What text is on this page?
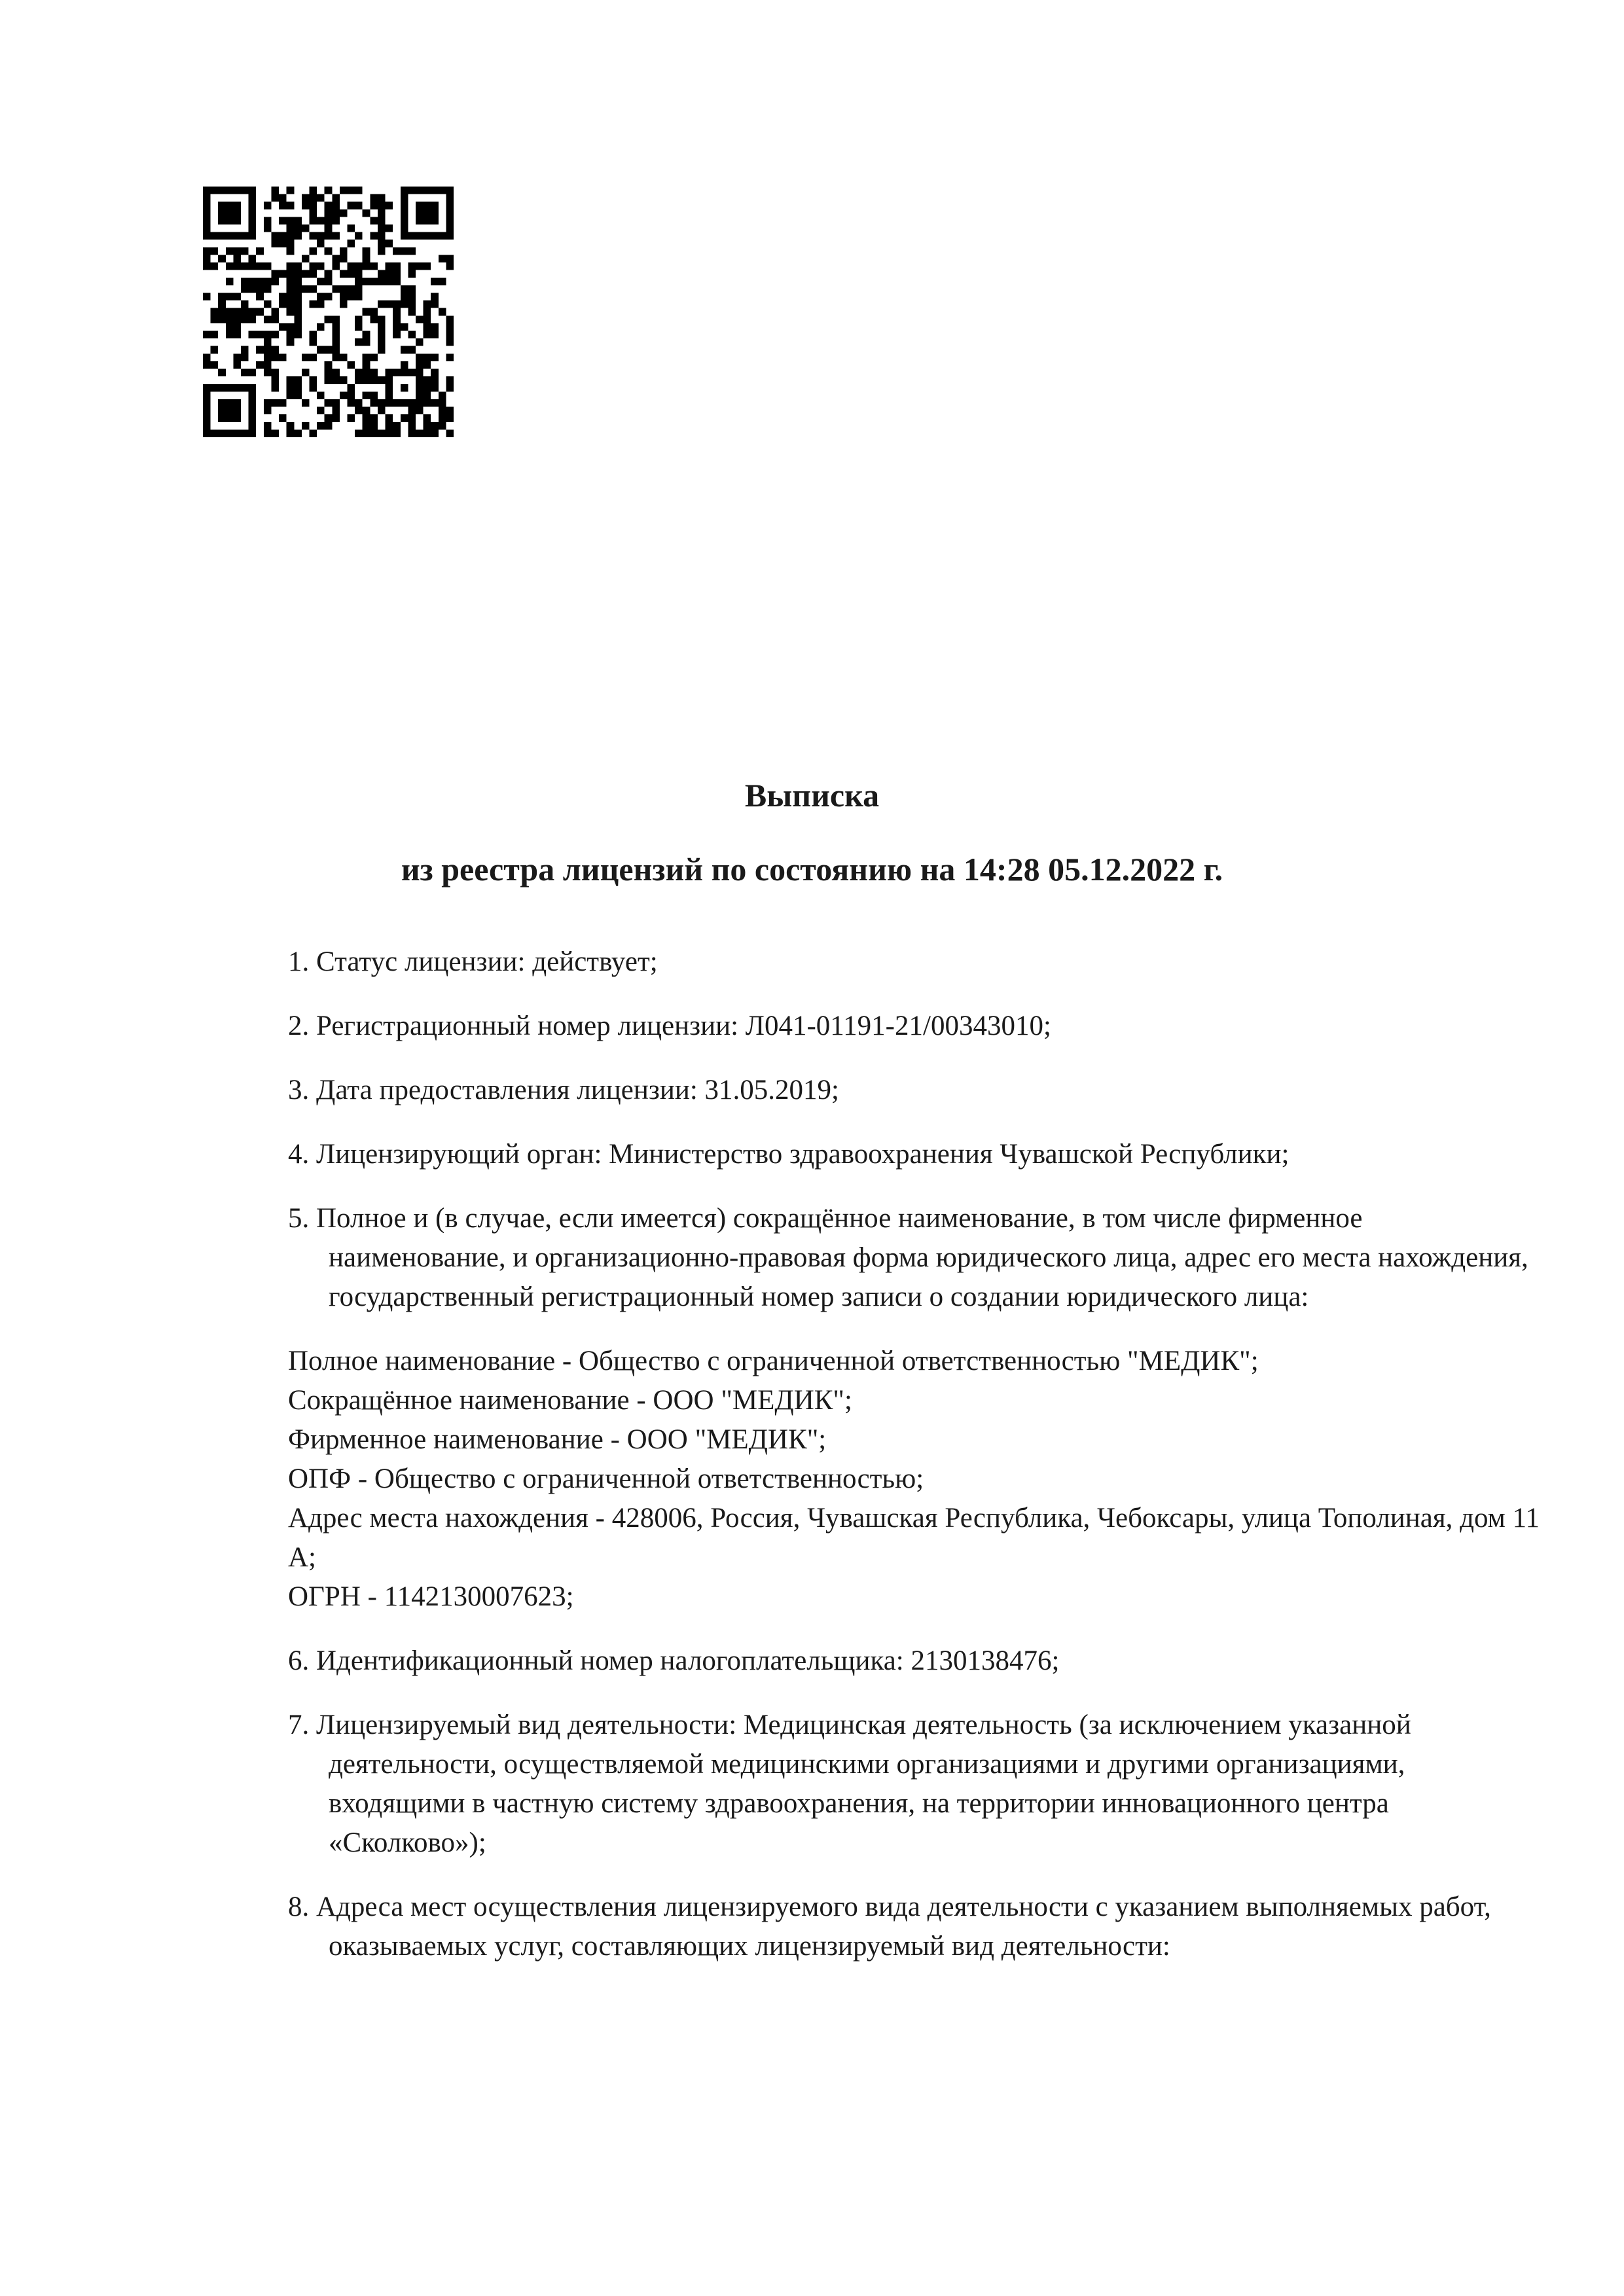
Выписка
из реестра лицензий по состоянию на 14:28 05.12.2022 г.

1. Статус лицензии: действует;

2. Регистрационный номер лицензии: Л041-01191-21/00343010;

3. Дата предоставления лицензии: 31.05.2019;

4. Лицензирующий орган: Министерство здравоохранения Чувашской Республики;

5. Полное и (в случае, если имеется) сокращённое наименование, в том числе фирменное наименование, и организационно-правовая форма юридического лица, адрес его места нахождения, государственный регистрационный номер записи о создании юридического лица:

Полное наименование - Общество с ограниченной ответственностью "МЕДИК";

Сокращённое наименование - ООО "МЕДИК";

Фирменное наименование - ООО "МЕДИК";

ОПФ - Общество с ограниченной ответственностью;

Адрес места нахождения - 428006, Россия, Чувашская Республика, Чебоксары, улица Тополиная, дом 11 А;

ОГРН - 1142130007623;

6. Идентификационный номер налогоплательщика: 2130138476;

7. Лицензируемый вид деятельности: Медицинская деятельность (за исключением указанной деятельности, осуществляемой медицинскими организациями и другими организациями, входящими в частную систему здравоохранения, на территории инновационного центра «Сколково»);

8. Адреса мест осуществления лицензируемого вида деятельности с указанием выполняемых работ, оказываемых услуг, составляющих лицензируемый вид деятельности:
